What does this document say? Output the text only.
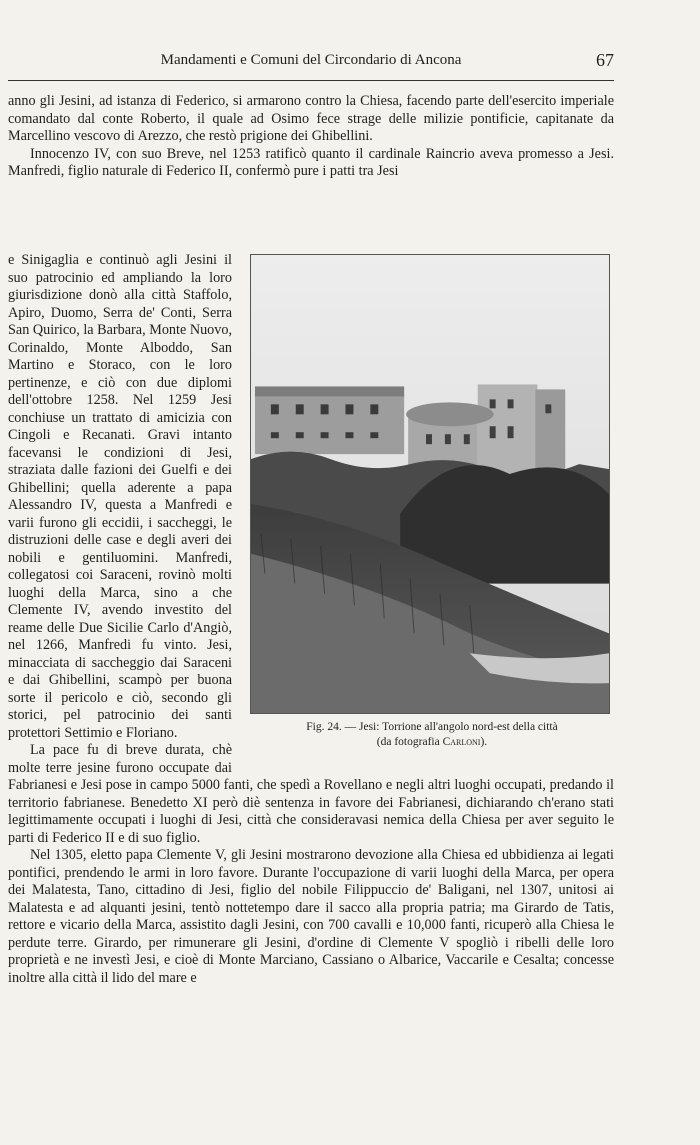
Mandamenti e Comuni del Circondario di Ancona	67

anno gli Jesini, ad istanza di Federico, si armarono contro la Chiesa, facendo parte dell'esercito imperiale comandato dal conte Roberto, il quale ad Osimo fece strage delle milizie pontificie, capitanate da Marcellino vescovo di Arezzo, che restò prigione dei Ghibellini.

Innocenzo IV, con suo Breve, nel 1253 ratificò quanto il cardinale Raincrio aveva promesso a Jesi. Manfredi, figlio naturale di Federico II, confermò pure i patti tra Jesi

Fig. 24. — Jesi: Torrione all'angolo nord-est della città
(da fotografia Carloni).
e Sinigaglia e continuò agli Jesini il suo patrocinio ed ampliando la loro giurisdizione donò alla città Staffolo, Apiro, Duomo, Serra de' Conti, Serra San Quirico, la Barbara, Monte Nuovo, Corinaldo, Monte Alboddo, San Martino e Storaco, con le loro pertinenze, e ciò con due diplomi dell'ottobre 1258. Nel 1259 Jesi conchiuse un trattato di amicizia con Cingoli e Recanati. Gravi intanto facevansi le condizioni di Jesi, straziata dalle fazioni dei Guelfi e dei Ghibellini; quella aderente a papa Alessandro IV, questa a Manfredi e varii furono gli eccidii, i saccheggi, le distruzioni delle case e degli averi dei nobili e gentiluomini. Manfredi, collegatosi coi Saraceni, rovinò molti luoghi della Marca, sino a che Clemente IV, avendo investito del reame delle Due Sicilie Carlo d'Angiò, nel 1266, Manfredi fu vinto. Jesi, minacciata di saccheggio dai Saraceni e dai Ghibellini, scampò per buona sorte il pericolo e ciò, secondo gli storici, pel patrocinio dei santi protettori Settimio e Floriano.

La pace fu di breve durata, chè molte terre jesine furono occupate dai Fabrianesi e Jesi pose in campo 5000 fanti, che spedì a Rovellano e negli altri luoghi occupati, predando il territorio fabrianese. Benedetto XI però diè sentenza in favore dei Fabrianesi, dichiarando ch'erano stati legittimamente occupati i luoghi di Jesi, città che consideravasi nemica della Chiesa per aver seguito le parti di Federico II e di suo figlio.

Nel 1305, eletto papa Clemente V, gli Jesini mostrarono devozione alla Chiesa ed ubbidienza ai legati pontifici, prendendo le armi in loro favore. Durante l'occupazione di varii luoghi della Marca, per opera dei Malatesta, Tano, cittadino di Jesi, figlio del nobile Filippuccio de' Baligani, nel 1307, unitosi ai Malatesta e ad alquanti jesini, tentò nottetempo dare il sacco alla propria patria; ma Girardo de Tatis, rettore e vicario della Marca, assistito dagli Jesini, con 700 cavalli e 10,000 fanti, ricuperò alla Chiesa le perdute terre. Girardo, per rimunerare gli Jesini, d'ordine di Clemente V spogliò i ribelli delle loro proprietà e ne investì Jesi, e cioè di Monte Marciano, Cassiano o Albarice, Vaccarile e Cesalta; concesse inoltre alla città il lido del mare e
